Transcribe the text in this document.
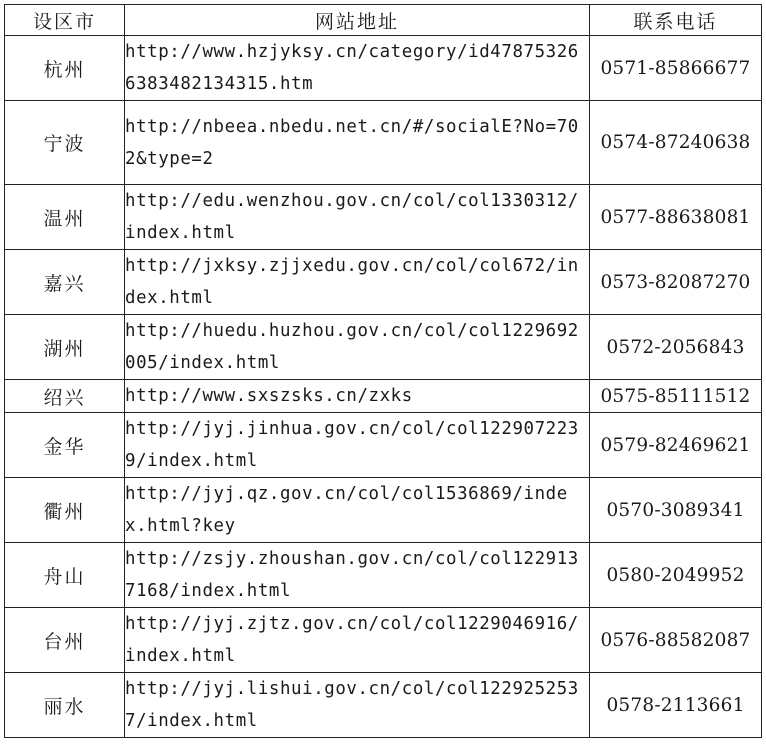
设区市	网站地址	联系电话
杭州	http://www.hzjyksy.cn/category/id478753266383482134315.htm	0571-85866677
宁波	http://nbeea.nbedu.net.cn/#/socialE?No=702&type=2	0574-87240638
温州	http://edu.wenzhou.gov.cn/col/col1330312/index.html	0577-88638081
嘉兴	http://jxksy.zjjxedu.gov.cn/col/col672/index.html	0573-82087270
湖州	http://huedu.huzhou.gov.cn/col/col1229692005/index.html	0572-2056843
绍兴	http://www.sxszsks.cn/zxks	0575-85111512
金华	http://jyj.jinhua.gov.cn/col/col1229072239/index.html	0579-82469621
衢州	http://jyj.qz.gov.cn/col/col1536869/index.html?key	0570-3089341
舟山	http://zsjy.zhoushan.gov.cn/col/col1229137168/index.html	0580-2049952
台州	http://jyj.zjtz.gov.cn/col/col1229046916/index.html	0576-88582087
丽水	http://jyj.lishui.gov.cn/col/col1229252537/index.html	0578-2113661
